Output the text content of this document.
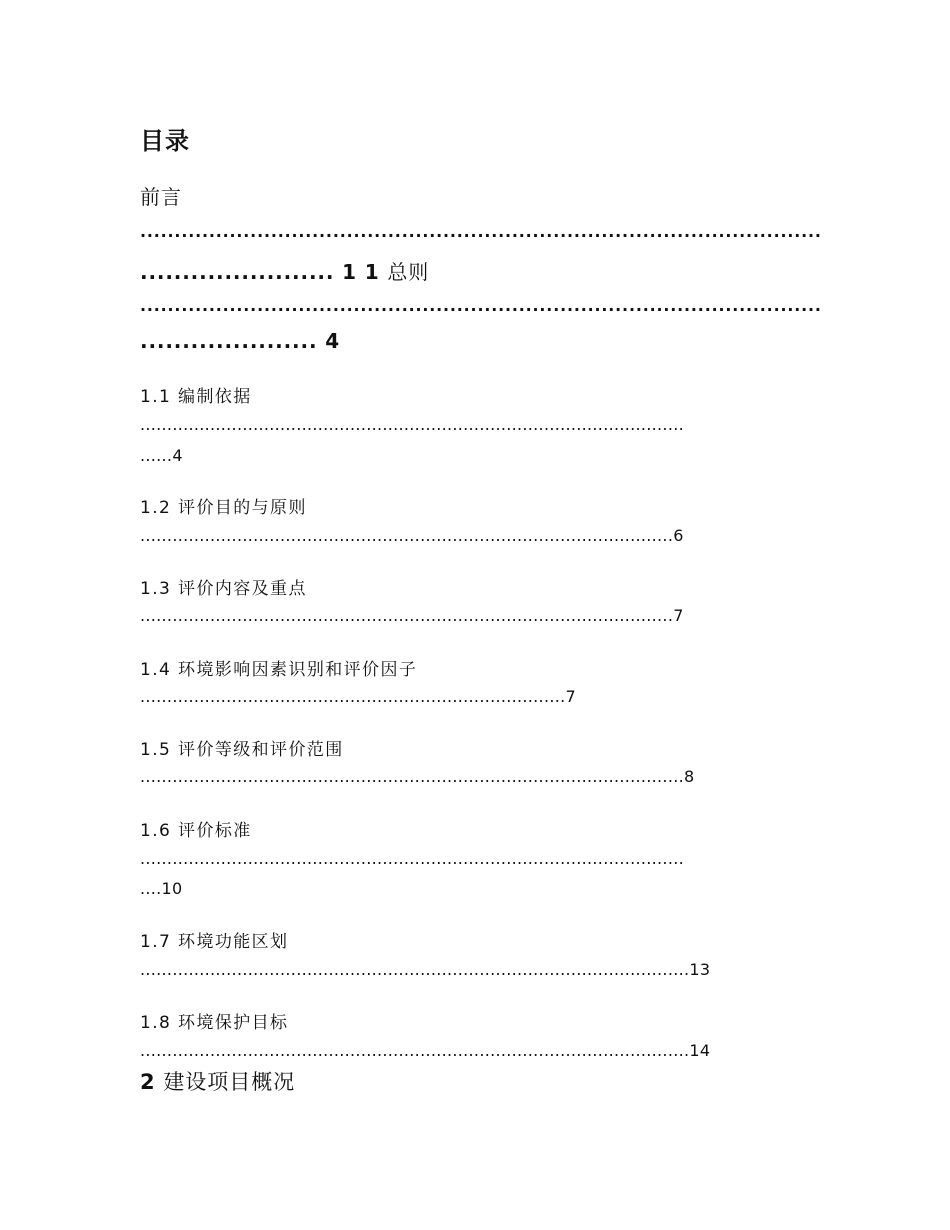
目录
前言
...................................................................................................
....................... 1 1 总则
...................................................................................................
..................... 4
1.1 编制依据
.....................................................................................................
......4
1.2 评价目的与原则
...................................................................................................6
1.3 评价内容及重点
...................................................................................................7
1.4 环境影响因素识别和评价因子
...............................................................................7
1.5 评价等级和评价范围
.....................................................................................................8
1.6 评价标准
.....................................................................................................
....10
1.7 环境功能区划
......................................................................................................13
1.8 环境保护目标
......................................................................................................14
2 建设项目概况
